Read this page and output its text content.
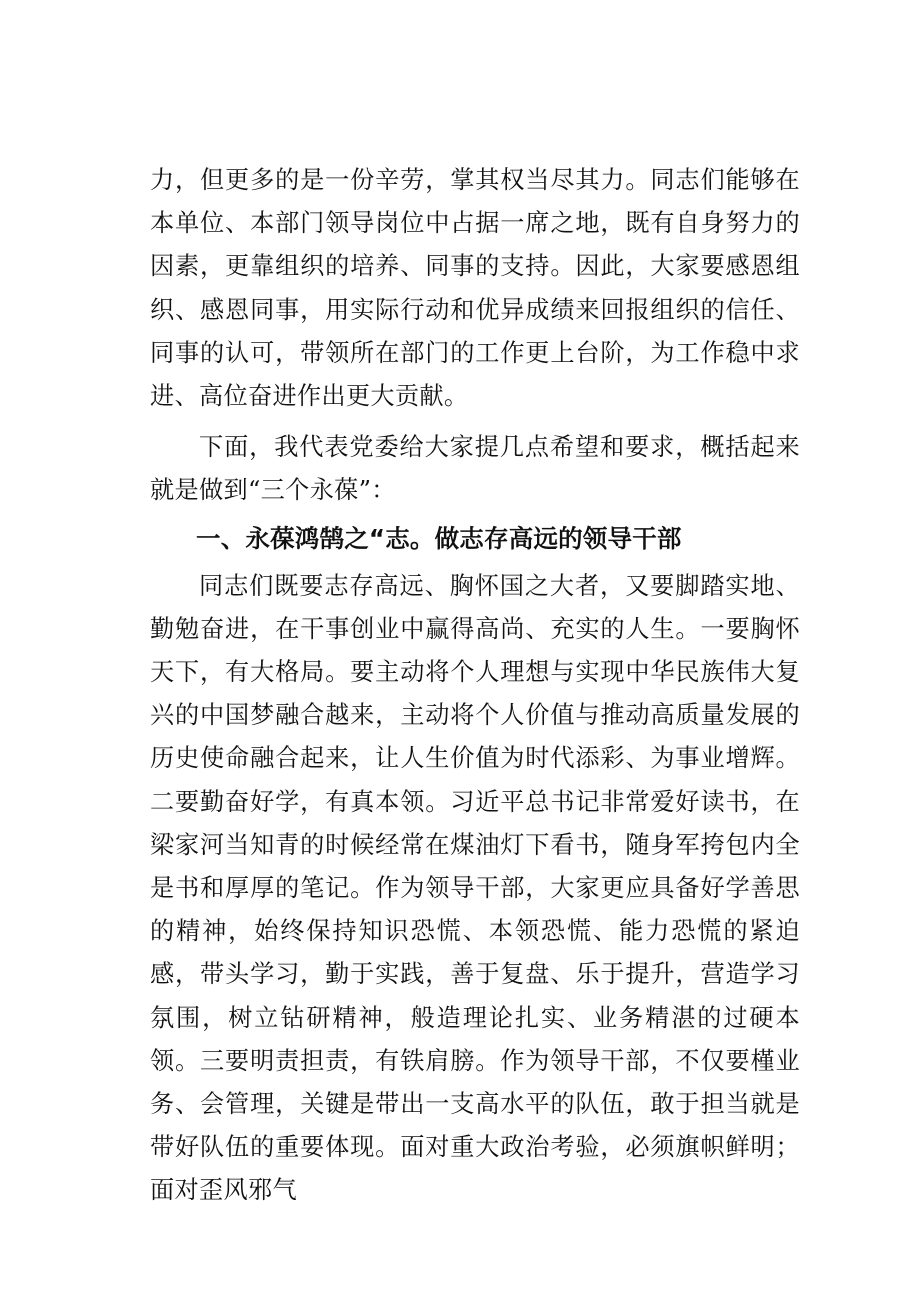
力，但更多的是一份辛劳，掌其权当尽其力。同志们能够在本单位、本部门领导岗位中占据一席之地，既有自身努力的因素，更靠组织的培养、同事的支持。因此，大家要感恩组织、感恩同事，用实际行动和优异成绩来回报组织的信任、同事的认可，带领所在部门的工作更上台阶，为工作稳中求进、高位奋进作出更大贡献。

下面，我代表党委给大家提几点希望和要求，概括起来就是做到“三个永葆”：

一、永葆鸿鹄之“志。做志存高远的领导干部

同志们既要志存高远、胸怀国之大者，又要脚踏实地、勤勉奋进，在干事创业中赢得高尚、充实的人生。一要胸怀天下，有大格局。要主动将个人理想与实现中华民族伟大复兴的中国梦融合越来，主动将个人价值与推动高质量发展的历史使命融合起来，让人生价值为时代添彩、为事业增辉。二要勤奋好学，有真本领。习近平总书记非常爱好读书，在梁家河当知青的时候经常在煤油灯下看书，随身军挎包内全是书和厚厚的笔记。作为领导干部，大家更应具备好学善思的精神，始终保持知识恐慌、本领恐慌、能力恐慌的紧迫感，带头学习，勤于实践，善于复盘、乐于提升，营造学习氛围，树立钻研精神，般造理论扎实、业务精湛的过硬本领。三要明责担责，有铁肩膀。作为领导干部，不仅要槿业务、会管理，关键是带出一支高水平的队伍，敢于担当就是带好队伍的重要体现。面对重大政治考验，必须旗帜鲜明；面对歪风邪气
